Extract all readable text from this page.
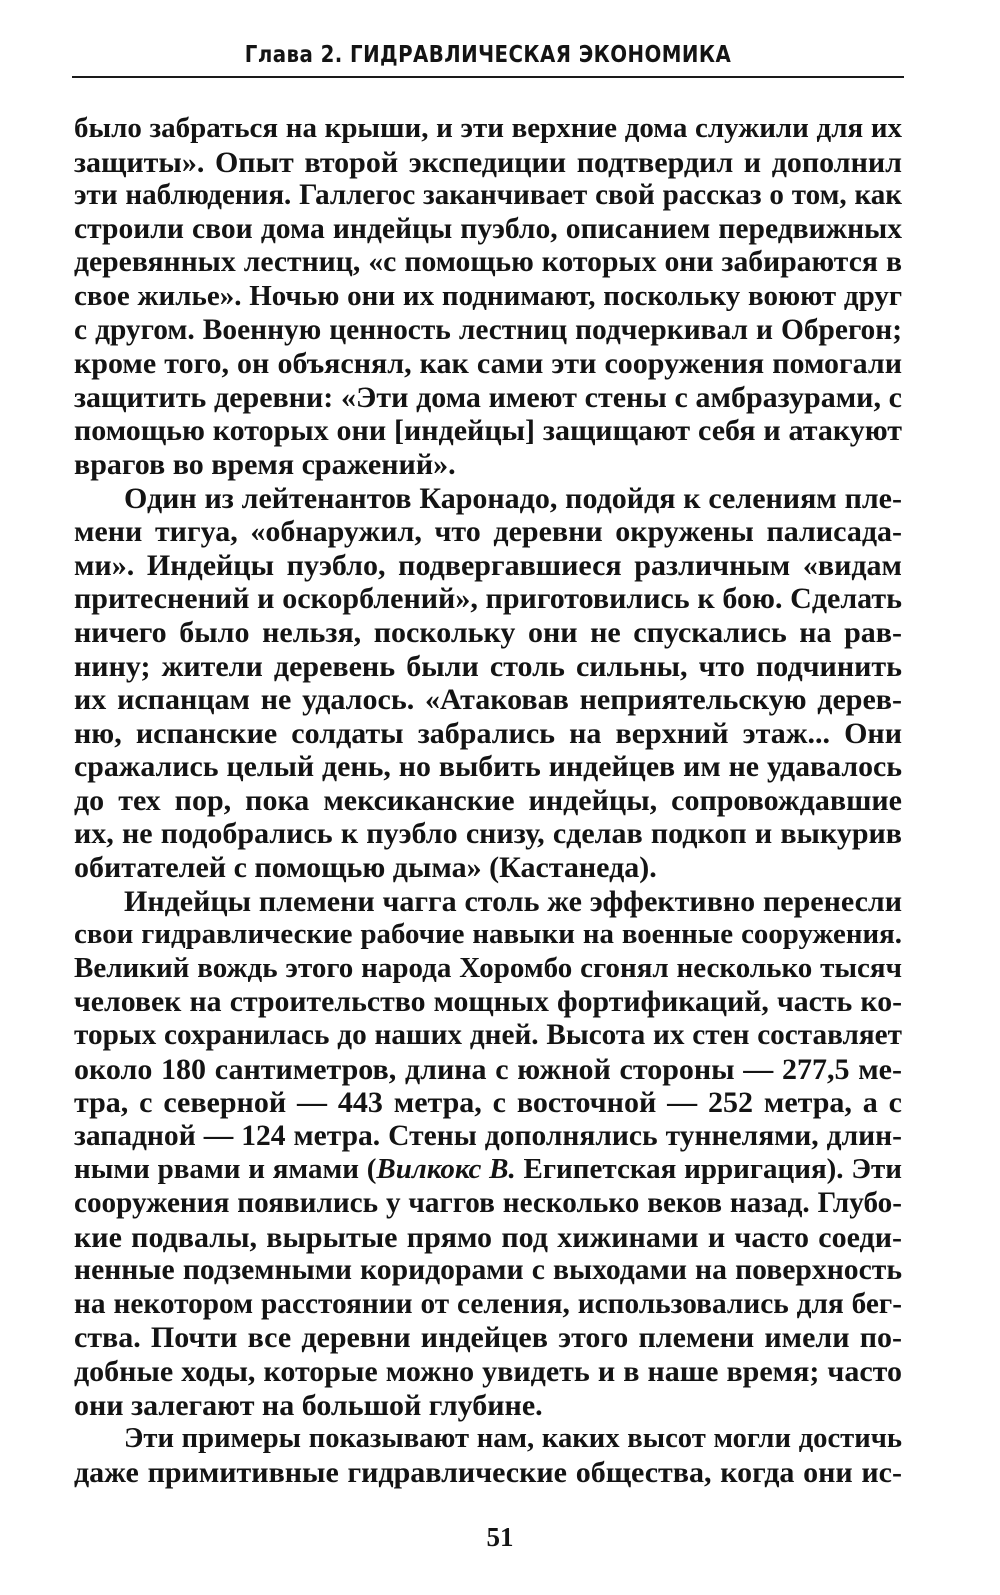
Глава 2. ГИДРАВЛИЧЕСКАЯ ЭКОНОМИКА
было забраться на крыши, и эти верхние дома служили для их
защиты». Опыт второй экспедиции подтвердил и дополнил
эти наблюдения. Галлегос заканчивает свой рассказ о том, как
строили свои дома индейцы пуэбло, описанием передвижных
деревянных лестниц, «с помощью которых они забираются в
свое жилье». Ночью они их поднимают, поскольку воюют друг
с другом. Военную ценность лестниц подчеркивал и Обрегон;
кроме того, он объяснял, как сами эти сооружения помогали
защитить деревни: «Эти дома имеют стены с амбразурами, с
помощью которых они [индейцы] защищают себя и атакуют
врагов во время сражений».
Один из лейтенантов Каронадо, подойдя к селениям пле-
мени тигуа, «обнаружил, что деревни окружены палисада-
ми». Индейцы пуэбло, подвергавшиеся различным «видам
притеснений и оскорблений», приготовились к бою. Сделать
ничего было нельзя, поскольку они не спускались на рав-
нину; жители деревень были столь сильны, что подчинить
их испанцам не удалось. «Атаковав неприятельскую дерев-
ню, испанские солдаты забрались на верхний этаж... Они
сражались целый день, но выбить индейцев им не удавалось
до тех пор, пока мексиканские индейцы, сопровождавшие
их, не подобрались к пуэбло снизу, сделав подкоп и выкурив
обитателей с помощью дыма» (Кастанеда).
Индейцы племени чагга столь же эффективно перенесли
свои гидравлические рабочие навыки на военные сооружения.
Великий вождь этого народа Хоромбо сгонял несколько тысяч
человек на строительство мощных фортификаций, часть ко-
торых сохранилась до наших дней. Высота их стен составляет
около 180 сантиметров, длина с южной стороны — 277,5 ме-
тра, с северной — 443 метра, с восточной — 252 метра, а с
западной — 124 метра. Стены дополнялись туннелями, длин-
ными рвами и ямами (Вилкокс В. Египетская ирригация). Эти
сооружения появились у чаггов несколько веков назад. Глубо-
кие подвалы, вырытые прямо под хижинами и часто соеди-
ненные подземными коридорами с выходами на поверхность
на некотором расстоянии от селения, использовались для бег-
ства. Почти все деревни индейцев этого племени имели по-
добные ходы, которые можно увидеть и в наше время; часто
они залегают на большой глубине.
Эти примеры показывают нам, каких высот могли достичь
даже примитивные гидравлические общества, когда они ис-
51
